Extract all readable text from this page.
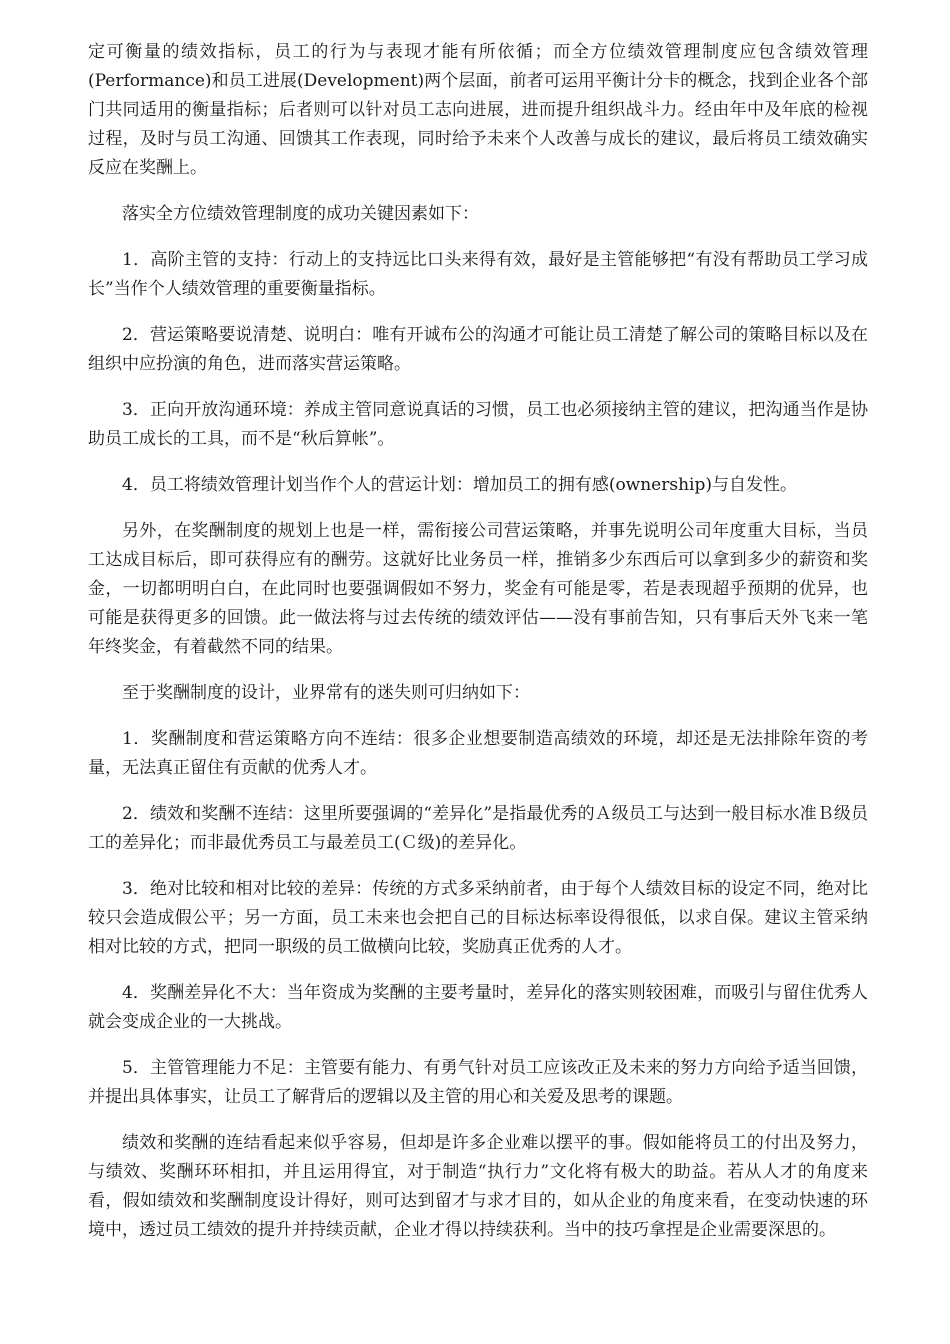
定可衡量的绩效指标，员工的行为与表现才能有所依循；而全方位绩效管理制度应包含绩效管理(Performance)和员工进展(Development)两个层面，前者可运用平衡计分卡的概念，找到企业各个部门共同适用的衡量指标；后者则可以针对员工志向进展，进而提升组织战斗力。经由年中及年底的检视过程，及时与员工沟通、回馈其工作表现，同时给予未来个人改善与成长的建议，最后将员工绩效确实反应在奖酬上。

落实全方位绩效管理制度的成功关键因素如下：

1．高阶主管的支持：行动上的支持远比口头来得有效，最好是主管能够把“有没有帮助员工学习成长”当作个人绩效管理的重要衡量指标。

2．营运策略要说清楚、说明白：唯有开诚布公的沟通才可能让员工清楚了解公司的策略目标以及在组织中应扮演的角色，进而落实营运策略。

3．正向开放沟通环境：养成主管同意说真话的习惯，员工也必须接纳主管的建议，把沟通当作是协助员工成长的工具，而不是“秋后算帐”。

4．员工将绩效管理计划当作个人的营运计划：增加员工的拥有感(ownership)与自发性。

另外，在奖酬制度的规划上也是一样，需衔接公司营运策略，并事先说明公司年度重大目标，当员工达成目标后，即可获得应有的酬劳。这就好比业务员一样，推销多少东西后可以拿到多少的薪资和奖金，一切都明明白白，在此同时也要强调假如不努力，奖金有可能是零，若是表现超乎预期的优异，也可能是获得更多的回馈。此一做法将与过去传统的绩效评估——没有事前告知，只有事后天外飞来一笔年终奖金，有着截然不同的结果。

至于奖酬制度的设计，业界常有的迷失则可归纳如下：

1．奖酬制度和营运策略方向不连结：很多企业想要制造高绩效的环境，却还是无法排除年资的考量，无法真正留住有贡献的优秀人才。

2．绩效和奖酬不连结：这里所要强调的“差异化”是指最优秀的Ａ级员工与达到一般目标水准Ｂ级员工的差异化；而非最优秀员工与最差员工(Ｃ级)的差异化。

3．绝对比较和相对比较的差异：传统的方式多采纳前者，由于每个人绩效目标的设定不同，绝对比较只会造成假公平；另一方面，员工未来也会把自己的目标达标率设得很低，以求自保。建议主管采纳相对比较的方式，把同一职级的员工做横向比较，奖励真正优秀的人才。

4．奖酬差异化不大：当年资成为奖酬的主要考量时，差异化的落实则较困难，而吸引与留住优秀人就会变成企业的一大挑战。

5．主管管理能力不足：主管要有能力、有勇气针对员工应该改正及未来的努力方向给予适当回馈，并提出具体事实，让员工了解背后的逻辑以及主管的用心和关爱及思考的课题。

绩效和奖酬的连结看起来似乎容易，但却是许多企业难以摆平的事。假如能将员工的付出及努力，与绩效、奖酬环环相扣，并且运用得宜，对于制造“执行力”文化将有极大的助益。若从人才的角度来看，假如绩效和奖酬制度设计得好，则可达到留才与求才目的，如从企业的角度来看，在变动快速的环境中，透过员工绩效的提升并持续贡献，企业才得以持续获利。当中的技巧拿捏是企业需要深思的。
